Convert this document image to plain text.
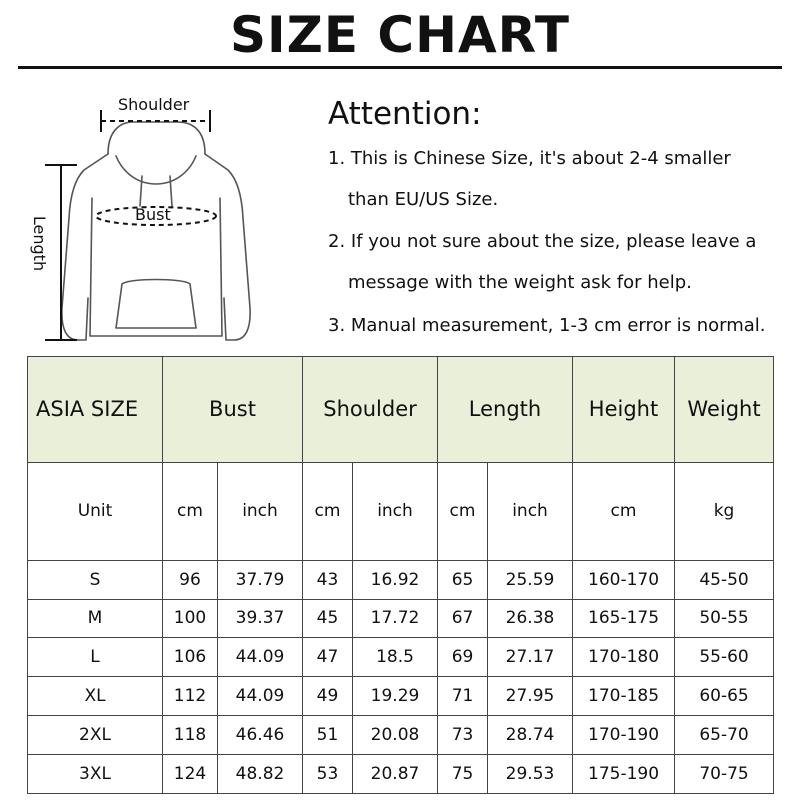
SIZE CHART
Shoulder
Bust
Length
Attention:
1. This is Chinese Size, it's about 2-4 smaller
than EU/US Size.
2. If you not sure about the size, please leave a
message with the weight ask for help.
3. Manual measurement, 1-3 cm error is normal.
ASIA SIZE	Bust		Shoulder		Length		Height	Weight
Unit	cm	inch	cm	inch	cm	inch	cm	kg
S	96	37.79	43	16.92	65	25.59	160-170	45-50
M	100	39.37	45	17.72	67	26.38	165-175	50-55
L	106	44.09	47	18.5	69	27.17	170-180	55-60
XL	112	44.09	49	19.29	71	27.95	170-185	60-65
2XL	118	46.46	51	20.08	73	28.74	170-190	65-70
3XL	124	48.82	53	20.87	75	29.53	175-190	70-75
